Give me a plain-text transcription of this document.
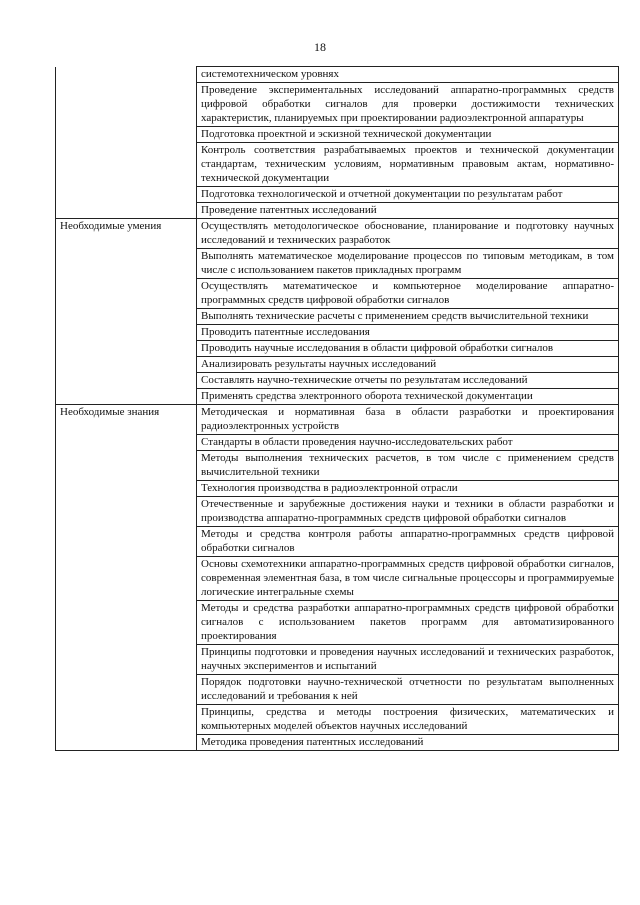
18
	системотехническом уровнях
	Проведение экспериментальных исследований аппаратно-программных средств цифровой обработки сигналов для проверки достижимости технических характеристик, планируемых при проектировании радиоэлектронной аппаратуры
	Подготовка проектной и эскизной технической документации
	Контроль соответствия разрабатываемых проектов и технической документации стандартам, техническим условиям, нормативным правовым актам, нормативно-технической документации
	Подготовка технологической и отчетной документации по результатам работ
	Проведение патентных исследований
Необходимые умения	Осуществлять методологическое обоснование, планирование и подготовку научных исследований и технических разработок
	Выполнять математическое моделирование процессов по типовым методикам, в том числе с использованием пакетов прикладных программ
	Осуществлять математическое и компьютерное моделирование аппаратно-программных средств цифровой обработки сигналов
	Выполнять технические расчеты с применением средств вычислительной техники
	Проводить патентные исследования
	Проводить научные исследования в области цифровой обработки сигналов
	Анализировать результаты научных исследований
	Составлять научно-технические отчеты по результатам исследований
	Применять средства электронного оборота технической документации
Необходимые знания	Методическая и нормативная база в области разработки и проектирования радиоэлектронных устройств
	Стандарты в области проведения научно-исследовательских работ
	Методы выполнения технических расчетов, в том числе с применением средств вычислительной техники
	Технология производства в радиоэлектронной отрасли
	Отечественные и зарубежные достижения науки и техники в области разработки и производства аппаратно-программных средств цифровой обработки сигналов
	Методы и средства контроля работы аппаратно-программных средств цифровой обработки сигналов
	Основы схемотехники аппаратно-программных средств цифровой обработки сигналов, современная элементная база, в том числе сигнальные процессоры и программируемые логические интегральные схемы
	Методы и средства разработки аппаратно-программных средств цифровой обработки сигналов с использованием пакетов программ для автоматизированного проектирования
	Принципы подготовки и проведения научных исследований и технических разработок, научных экспериментов и испытаний
	Порядок подготовки научно-технической отчетности по результатам выполненных исследований и требования к ней
	Принципы, средства и методы построения физических, математических и компьютерных моделей объектов научных исследований
	Методика проведения патентных исследований
